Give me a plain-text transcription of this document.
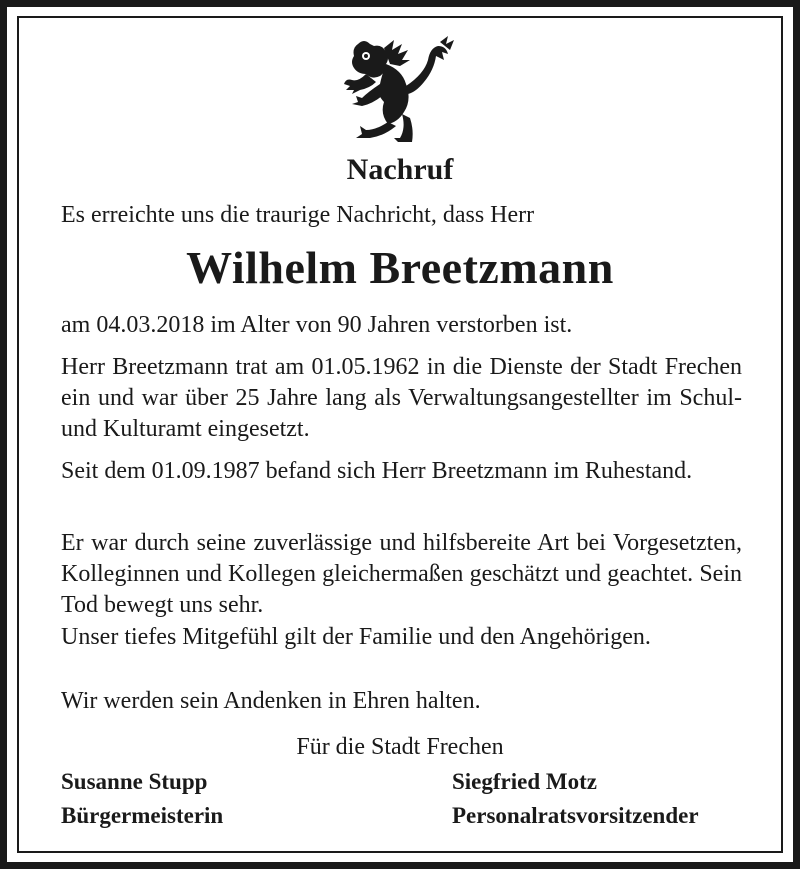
Nachruf

Es erreichte uns die traurige Nachricht, dass Herr

Wilhelm Breetzmann

am 04.03.2018 im Alter von 90 Jahren verstorben ist.

Herr Breetzmann trat am 01.05.1962 in die Dienste der Stadt Frechen ein und war über 25 Jahre lang als Verwaltungsangestellter im Schul- und Kulturamt eingesetzt.

Seit dem 01.09.1987 befand sich Herr Breetzmann im Ruhestand.

Er war durch seine zuverlässige und hilfsbereite Art bei Vorgesetzten, Kolleginnen und Kollegen gleichermaßen geschätzt und geachtet. Sein Tod bewegt uns sehr.

Unser tiefes Mitgefühl gilt der Familie und den Angehörigen.

Wir werden sein Andenken in Ehren halten.

Für die Stadt Frechen
Susanne Stupp
Bürgermeisterin
Siegfried Motz
Personalratsvorsitzender
